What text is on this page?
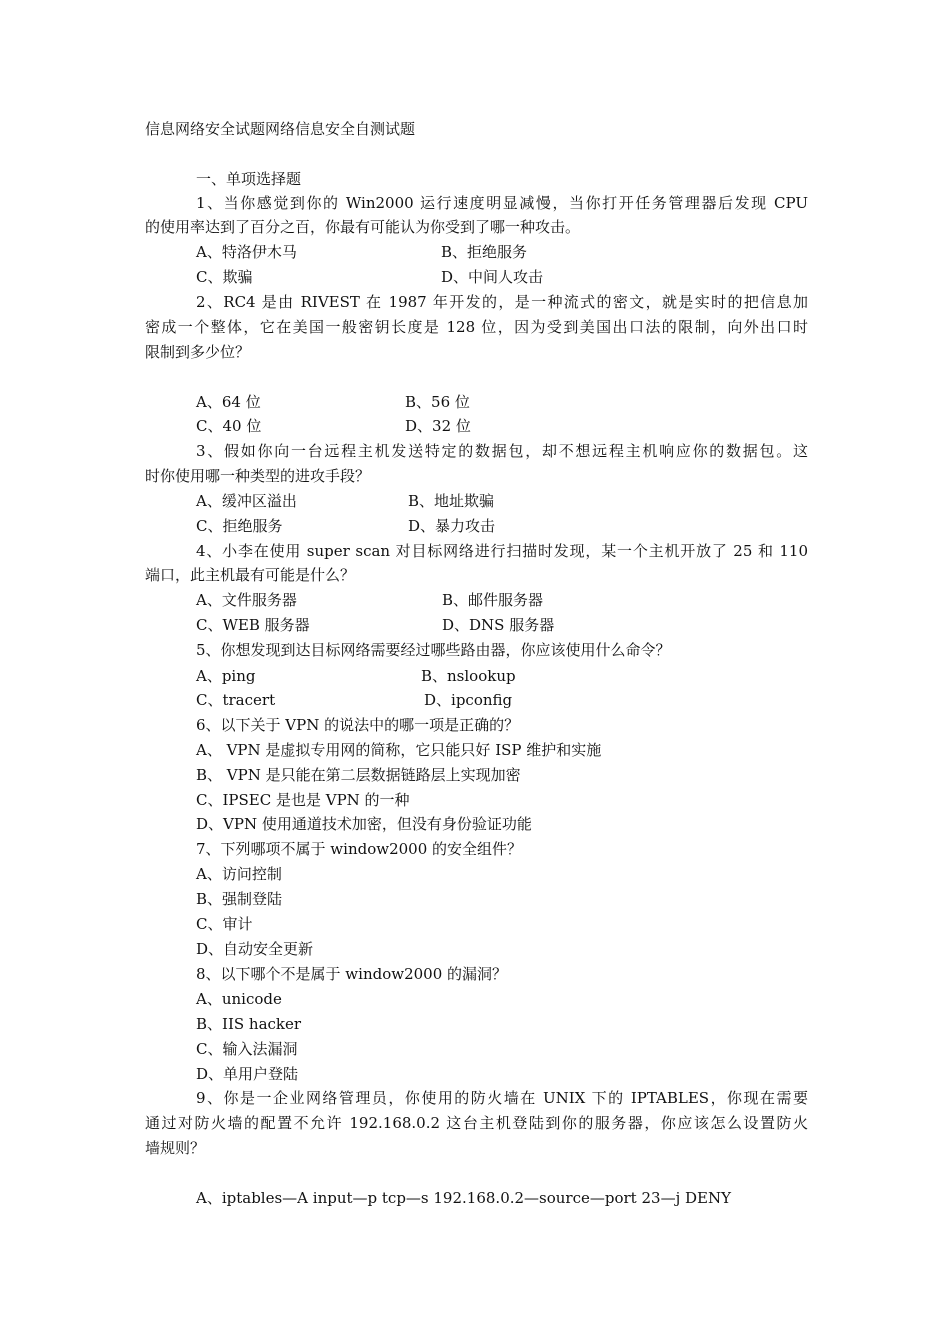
信息网络安全试题网络信息安全自测试题

一、单项选择题

1、当你感觉到你的 Win2000 运行速度明显减慢，当你打开任务管理器后发现 CPU

的使用率达到了百分之百，你最有可能认为你受到了哪一种攻击。

A、特洛伊木马	B、拒绝服务

C、欺骗	D、中间人攻击

2、RC4 是由 RIVEST 在 1987 年开发的，是一种流式的密文，就是实时的把信息加

密成一个整体，它在美国一般密钥长度是 128 位，因为受到美国出口法的限制，向外出口时

限制到多少位？

A、64 位	B、56 位

C、40 位	D、32 位

3、假如你向一台远程主机发送特定的数据包，却不想远程主机响应你的数据包。这

时你使用哪一种类型的进攻手段？

A、缓冲区溢出	B、地址欺骗

C、拒绝服务	D、暴力攻击

4、小李在使用 super scan 对目标网络进行扫描时发现，某一个主机开放了 25 和 110

端口，此主机最有可能是什么？

A、文件服务器	B、邮件服务器

C、WEB 服务器	D、DNS 服务器

5、你想发现到达目标网络需要经过哪些路由器，你应该使用什么命令？

A、ping	B、nslookup

C、tracert	D、ipconfig

6、以下关于 VPN 的说法中的哪一项是正确的？

A、 VPN 是虚拟专用网的简称，它只能只好 ISP 维护和实施

B、 VPN 是只能在第二层数据链路层上实现加密

C、IPSEC 是也是 VPN 的一种

D、VPN 使用通道技术加密，但没有身份验证功能

7、下列哪项不属于 window2000 的安全组件？

A、访问控制

B、强制登陆

C、审计

D、自动安全更新

8、以下哪个不是属于 window2000 的漏洞？

A、unicode

B、IIS hacker

C、输入法漏洞

D、单用户登陆

9、你是一企业网络管理员，你使用的防火墙在 UNIX 下的 IPTABLES，你现在需要

通过对防火墙的配置不允许 192.168.0.2 这台主机登陆到你的服务器，你应该怎么设置防火

墙规则？

A、iptables—A input—p tcp—s 192.168.0.2—source—port 23—j DENY
